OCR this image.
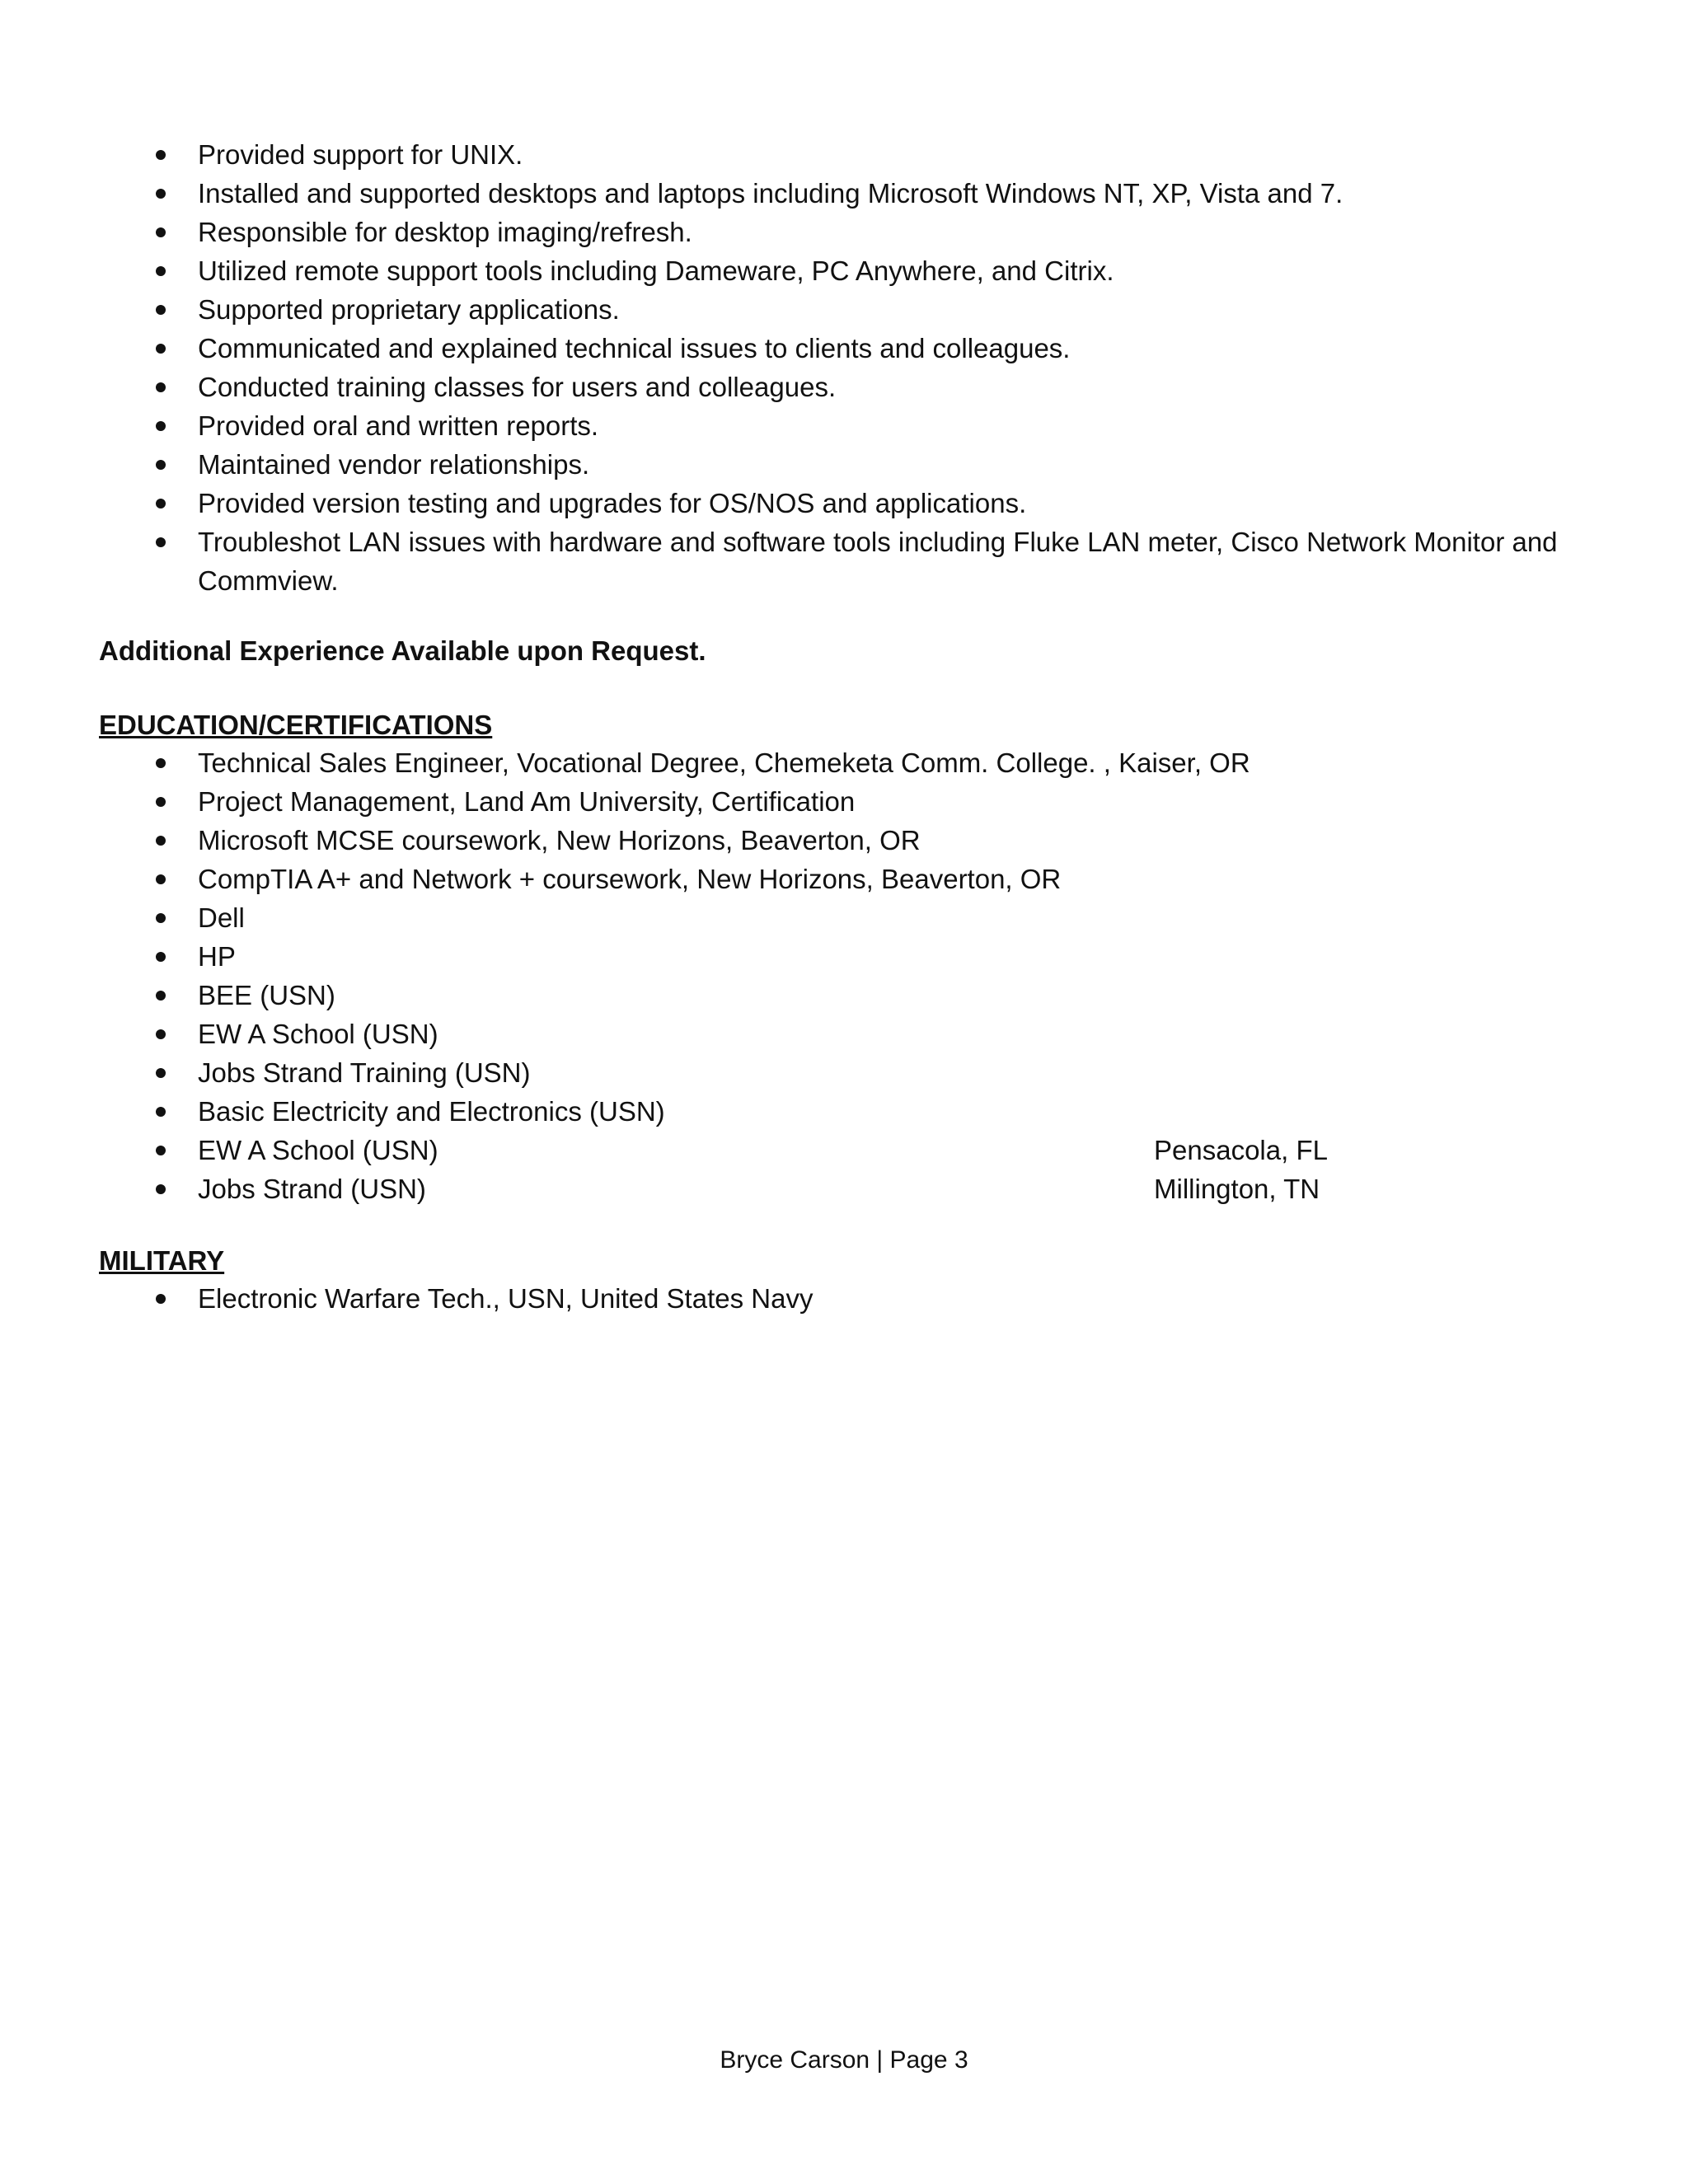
Provided support for UNIX.
Installed and supported desktops and laptops including Microsoft Windows NT, XP, Vista and 7.
Responsible for desktop imaging/refresh.
Utilized remote support tools including Dameware, PC Anywhere, and Citrix.
Supported proprietary applications.
Communicated and explained technical issues to clients and colleagues.
Conducted training classes for users and colleagues.
Provided oral and written reports.
Maintained vendor relationships.
Provided version testing and upgrades for OS/NOS and applications.
Troubleshot LAN issues with hardware and software tools including Fluke LAN meter, Cisco Network Monitor and Commview.
Additional Experience Available upon Request.
EDUCATION/CERTIFICATIONS
Technical Sales Engineer, Vocational Degree, Chemeketa Comm. College. , Kaiser, OR
Project Management, Land Am University, Certification
Microsoft MCSE coursework, New Horizons, Beaverton, OR
CompTIA A+ and Network + coursework, New Horizons, Beaverton, OR
Dell
HP
BEE (USN)
EW A School (USN)
Jobs Strand Training (USN)
Basic Electricity and Electronics (USN)
EW A School (USN)	Pensacola, FL
Jobs Strand (USN)	Millington, TN
MILITARY
Electronic Warfare Tech., USN, United States Navy
Bryce Carson | Page 3
